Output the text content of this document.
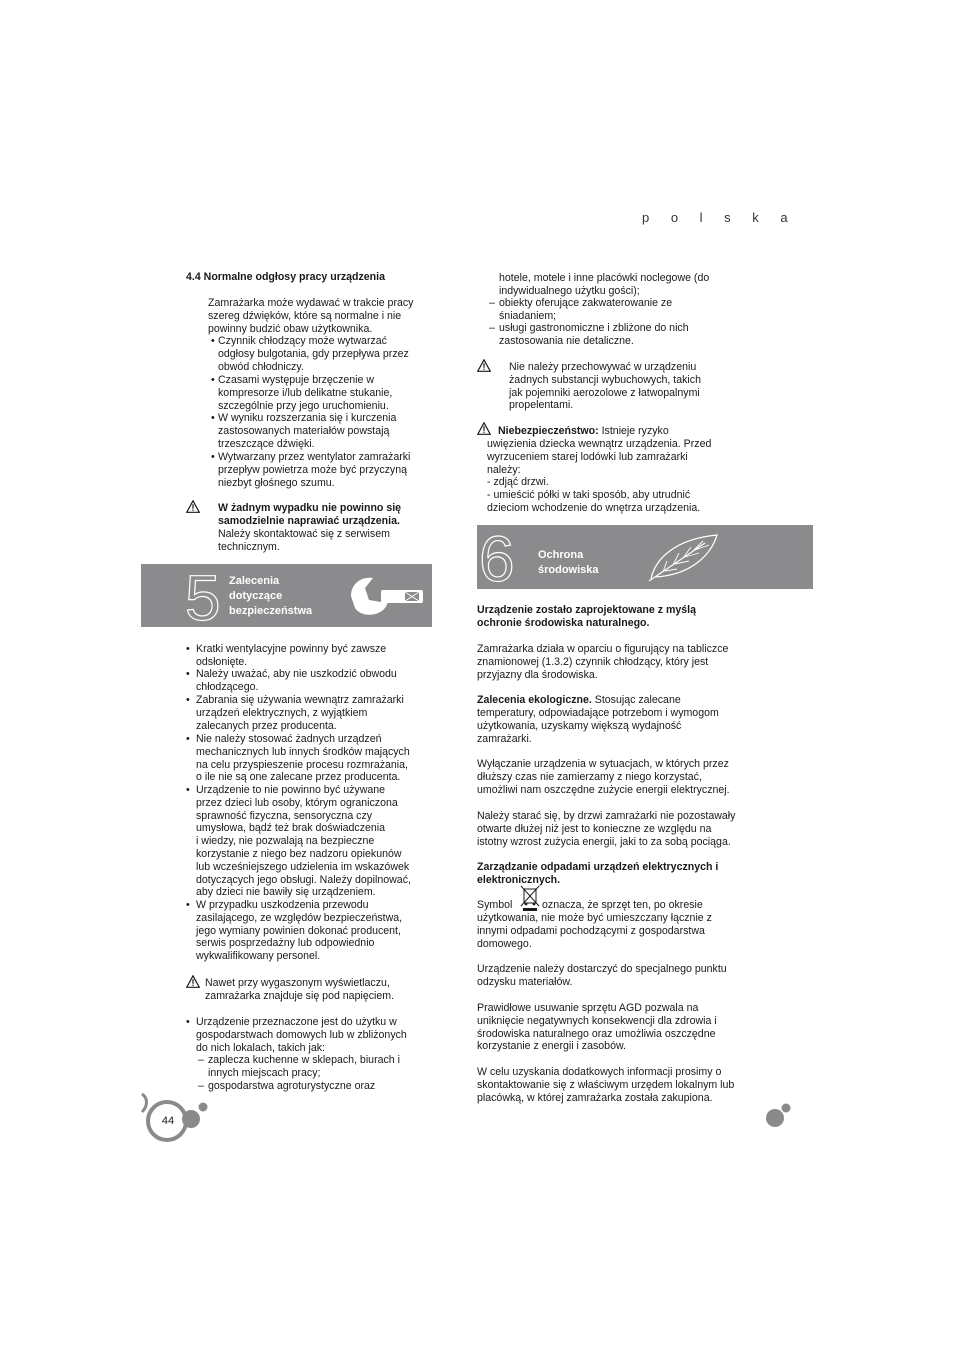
p o l s k a
4.4 Normalne odgłosy pracy urządzenia
Zamrażarka może wydawać w trakcie pracy
szereg dźwięków, które są normalne i nie
powinny budzić obaw użytkownika.
• Czynnik chłodzący może wytwarzać
odgłosy bulgotania, gdy przepływa przez
obwód chłodniczy.
• Czasami występuje brzęczenie w
kompresorze i/lub delikatne stukanie,
szczególnie przy jego uruchomieniu.
• W wyniku rozszerzania się i kurczenia
zastosowanych materiałów powstają
trzeszczące dźwięki.
• Wytwarzany przez wentylator zamrażarki
przepływ powietrza może być przyczyną
niezbyt głośnego szumu.
W żadnym wypadku nie powinno się
samodzielnie naprawiać urządzenia.
Należy skontaktować się z serwisem
technicznym.
5 Zalecenia
dotyczące
bezpieczeństwa
• Kratki wentylacyjne powinny być zawsze
odsłonięte.
• Należy uważać, aby nie uszkodzić obwodu
chłodzącego.
• Zabrania się używania wewnątrz zamrażarki
urządzeń elektrycznych, z wyjątkiem
zalecanych przez producenta.
• Nie należy stosować żadnych urządzeń
mechanicznych lub innych środków mających
na celu przyspieszenie procesu rozmrażania,
o ile nie są one zalecane przez producenta.
• Urządzenie to nie powinno być używane
przez dzieci lub osoby, którym ograniczona
sprawność fizyczna, sensoryczna czy
umysłowa, bądź też brak doświadczenia
i wiedzy, nie pozwalają na bezpieczne
korzystanie z niego bez nadzoru opiekunów
lub wcześniejszego udzielenia im wskazówek
dotyczących jego obsługi. Należy dopilnować,
aby dzieci nie bawiły się urządzeniem.
• W przypadku uszkodzenia przewodu
zasilającego, ze względów bezpieczeństwa,
jego wymiany powinien dokonać producent,
serwis posprzedażny lub odpowiednio
wykwalifikowany personel.
Nawet przy wygaszonym wyświetlaczu,
zamrażarka znajduje się pod napięciem.
• Urządzenie przeznaczone jest do użytku w
gospodarstwach domowych lub w zbliżonych
do nich lokalach, takich jak:
– zaplecza kuchenne w sklepach, biurach i
innych miejscach pracy;
– gospodarstwa agroturystyczne oraz
hotele, motele i inne placówki noclegowe (do
indywidualnego użytku gości);
– obiekty oferujące zakwaterowanie ze
śniadaniem;
– usługi gastronomiczne i zbliżone do nich
zastosowania nie detaliczne.
Nie należy przechowywać w urządzeniu
żadnych substancji wybuchowych, takich
jak pojemniki aerozolowe z łatwopalnymi
propelentami.
Niebezpieczeństwo: Istnieje ryzyko
uwięzienia dziecka wewnątrz urządzenia. Przed
wyrzuceniem starej lodówki lub zamrażarki
należy:
- zdjąć drzwi.
- umieścić półki w taki sposób, aby utrudnić
dzieciom wchodzenie do wnętrza urządzenia.
6 Ochrona
środowiska
Urządzenie zostało zaprojektowane z myślą
ochronie środowiska naturalnego.
Zamrażarka działa w oparciu o figurujący na tabliczce
znamionowej (1.3.2) czynnik chłodzący, który jest
przyjazny dla środowiska.
Zalecenia ekologiczne. Stosując zalecane
temperatury, odpowiadające potrzebom i wymogom
użytkowania, uzyskamy większą wydajność
zamrażarki.
Wyłączanie urządzenia w sytuacjach, w których przez
dłuższy czas nie zamierzamy z niego korzystać,
umożliwi nam oszczędne zużycie energii elektrycznej.
Należy starać się, by drzwi zamrażarki nie pozostawały
otwarte dłużej niż jest to konieczne ze względu na
istotny wzrost zużycia energii, jaki to za sobą pociąga.
Zarządzanie odpadami urządzeń elektrycznych i
elektronicznych.
Symbol	oznacza, że sprzęt ten, po okresie
użytkowania, nie może być umieszczany łącznie z
innymi odpadami pochodzącymi z gospodarstwa
domowego.
Urządzenie należy dostarczyć do specjalnego punktu
odzysku materiałów.
Prawidłowe usuwanie sprzętu AGD pozwala na
uniknięcie negatywnych konsekwencji dla zdrowia i
środowiska naturalnego oraz umożliwia oszczędne
korzystanie z energii i zasobów.
W celu uzyskania dodatkowych informacji prosimy o
skontaktowanie się z właściwym urzędem lokalnym lub
placówką, w której zamrażarka została zakupiona.
44
